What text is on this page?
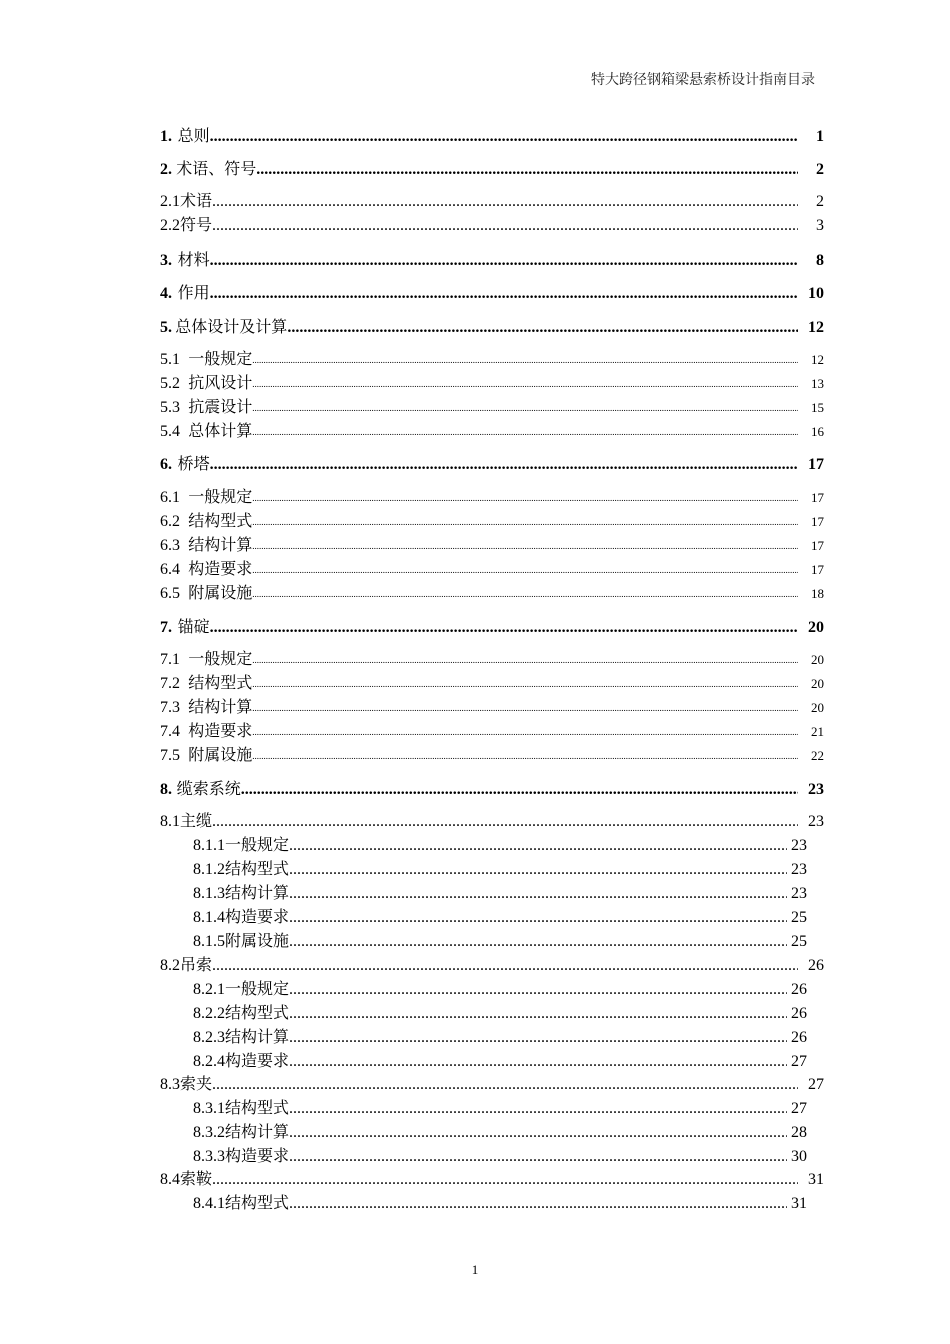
特大跨径钢箱梁悬索桥设计指南目录
1. 总则 .....	1
2. 术语、符号 .....	2
2.1 术语 .....	2
2.2 符号 .....	3
3. 材料 .....	8
4. 作用 .....	10
5. 总体设计及计算 .....	12
5.1 一般规定 .....	12
5.2 抗风设计 .....	13
5.3 抗震设计 .....	15
5.4 总体计算 .....	16
6. 桥塔 .....	17
6.1 一般规定 .....	17
6.2 结构型式 .....	17
6.3 结构计算 .....	17
6.4 构造要求 .....	17
6.5 附属设施 .....	18
7. 锚碇 .....	20
7.1 一般规定 .....	20
7.2 结构型式 .....	20
7.3 结构计算 .....	20
7.4 构造要求 .....	21
7.5 附属设施 .....	22
8. 缆索系统 .....	23
8.1 主缆 .....	23
8.1.1 一般规定 .....	23
8.1.2 结构型式 .....	23
8.1.3 结构计算 .....	23
8.1.4 构造要求 .....	25
8.1.5 附属设施 .....	25
8.2 吊索 .....	26
8.2.1 一般规定 .....	26
8.2.2 结构型式 .....	26
8.2.3 结构计算 .....	26
8.2.4 构造要求 .....	27
8.3 索夹 .....	27
8.3.1 结构型式 .....	27
8.3.2 结构计算 .....	28
8.3.3 构造要求 .....	30
8.4 索鞍 .....	31
8.4.1 结构型式 .....	31
1
